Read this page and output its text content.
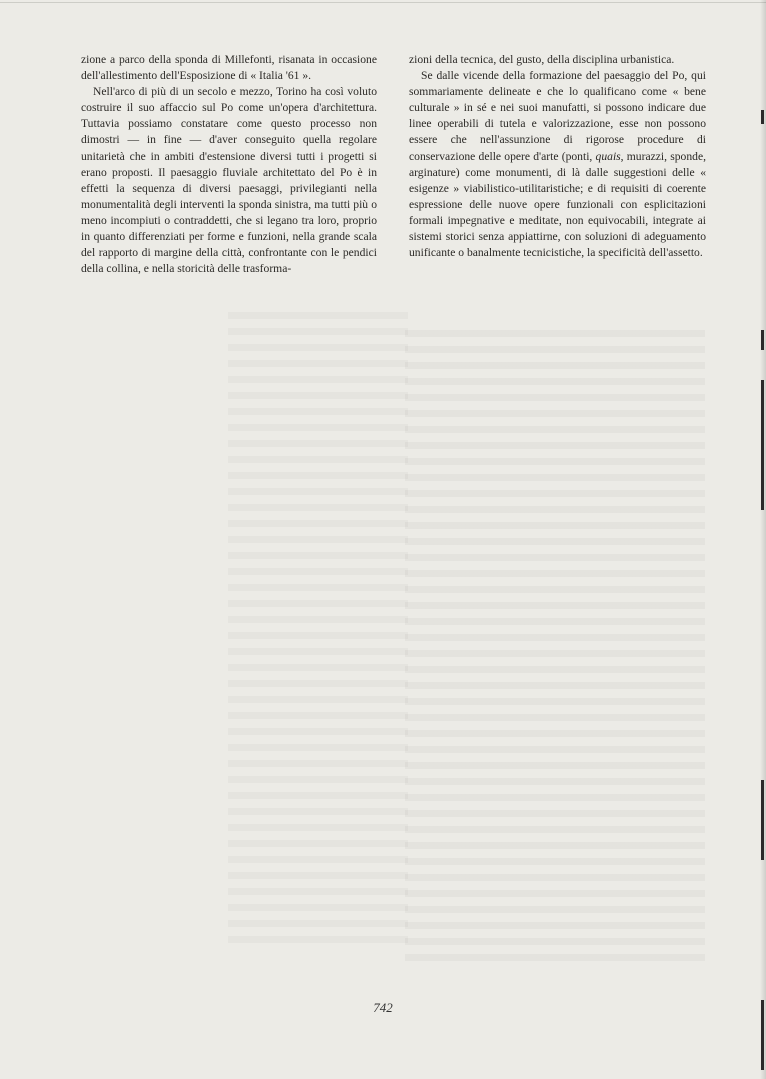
zione a parco della sponda di Millefonti, risanata in occasione dell'allestimento dell'Esposizione di « Italia '61 ».

Nell'arco di più di un secolo e mezzo, Torino ha così voluto costruire il suo affaccio sul Po come un'opera d'architettura. Tuttavia possiamo constatare come questo processo non dimostri — in fine — d'aver conseguito quella regolare unitarietà che in ambiti d'estensione diversi tutti i progetti si erano proposti. Il paesaggio fluviale architettato del Po è in effetti la sequenza di diversi paesaggi, privilegianti nella monumentalità degli interventi la sponda sinistra, ma tutti più o meno incompiuti o contraddetti, che si legano tra loro, proprio in quanto differenziati per forme e funzioni, nella grande scala del rapporto di margine della città, confrontante con le pendici della collina, e nella storicità delle trasforma-

zioni della tecnica, del gusto, della disciplina urbanistica.

Se dalle vicende della formazione del paesaggio del Po, qui sommariamente delineate e che lo qualificano come « bene culturale » in sé e nei suoi manufatti, si possono indicare due linee operabili di tutela e valorizzazione, esse non possono essere che nell'assunzione di rigorose procedure di conservazione delle opere d'arte (ponti, quais, murazzi, sponde, arginature) come monumenti, di là dalle suggestioni delle « esigenze » viabilistico-utilitaristiche; e di requisiti di coerente espressione delle nuove opere funzionali con esplicitazioni formali impegnative e meditate, non equivocabili, integrate ai sistemi storici senza appiattirne, con soluzioni di adeguamento unificante o banalmente tecnicistiche, la specificità dell'assetto.

742
